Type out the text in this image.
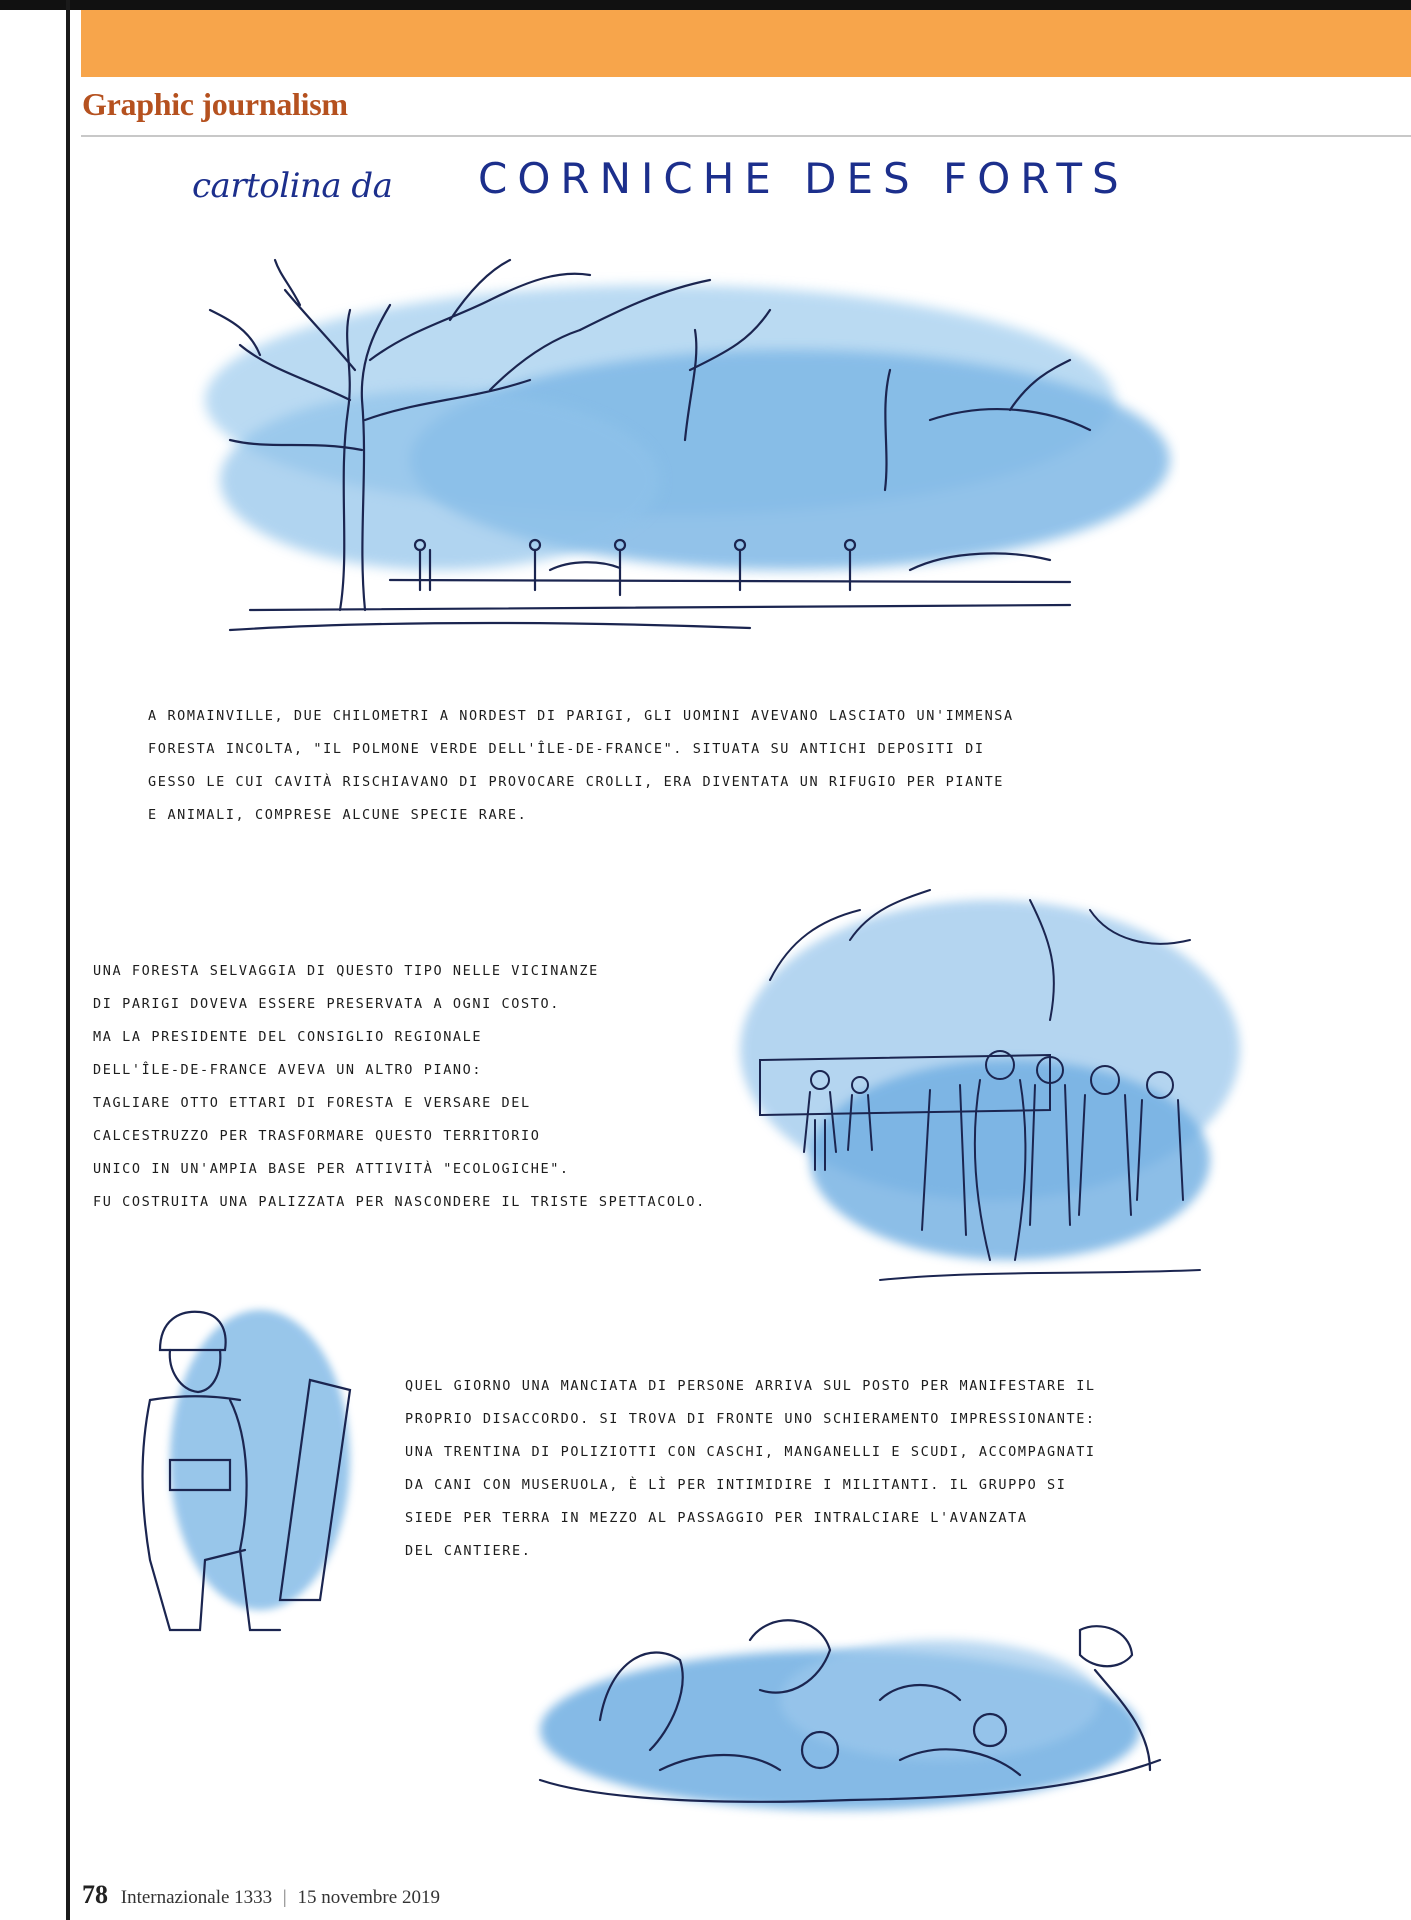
Graphic journalism
cartolina da CORNICHE DES FORTS
A ROMAINVILLE, DUE CHILOMETRI A NORDEST DI PARIGI, GLI UOMINI AVEVANO LASCIATO UN'IMMENSA
FORESTA INCOLTA, "IL POLMONE VERDE DELL'ÎLE-DE-FRANCE". SITUATA SU ANTICHI DEPOSITI DI
GESSO LE CUI CAVITÀ RISCHIAVANO DI PROVOCARE CROLLI, ERA DIVENTATA UN RIFUGIO PER PIANTE
E ANIMALI, COMPRESE ALCUNE SPECIE RARE.
UNA FORESTA SELVAGGIA DI QUESTO TIPO NELLE VICINANZE
DI PARIGI DOVEVA ESSERE PRESERVATA A OGNI COSTO.
MA LA PRESIDENTE DEL CONSIGLIO REGIONALE
DELL'ÎLE-DE-FRANCE AVEVA UN ALTRO PIANO:
TAGLIARE OTTO ETTARI DI FORESTA E VERSARE DEL
CALCESTRUZZO PER TRASFORMARE QUESTO TERRITORIO
UNICO IN UN'AMPIA BASE PER ATTIVITÀ "ECOLOGICHE".
FU COSTRUITA UNA PALIZZATA PER NASCONDERE IL TRISTE SPETTACOLO.
QUEL GIORNO UNA MANCIATA DI PERSONE ARRIVA SUL POSTO PER MANIFESTARE IL
PROPRIO DISACCORDO. SI TROVA DI FRONTE UNO SCHIERAMENTO IMPRESSIONANTE:
UNA TRENTINA DI POLIZIOTTI CON CASCHI, MANGANELLI E SCUDI, ACCOMPAGNATI
DA CANI CON MUSERUOLA, È LÌ PER INTIMIDIRE I MILITANTI. IL GRUPPO SI
SIEDE PER TERRA IN MEZZO AL PASSAGGIO PER INTRALCIARE L'AVANZATA
DEL CANTIERE.
78 Internazionale 1333 | 15 novembre 2019
